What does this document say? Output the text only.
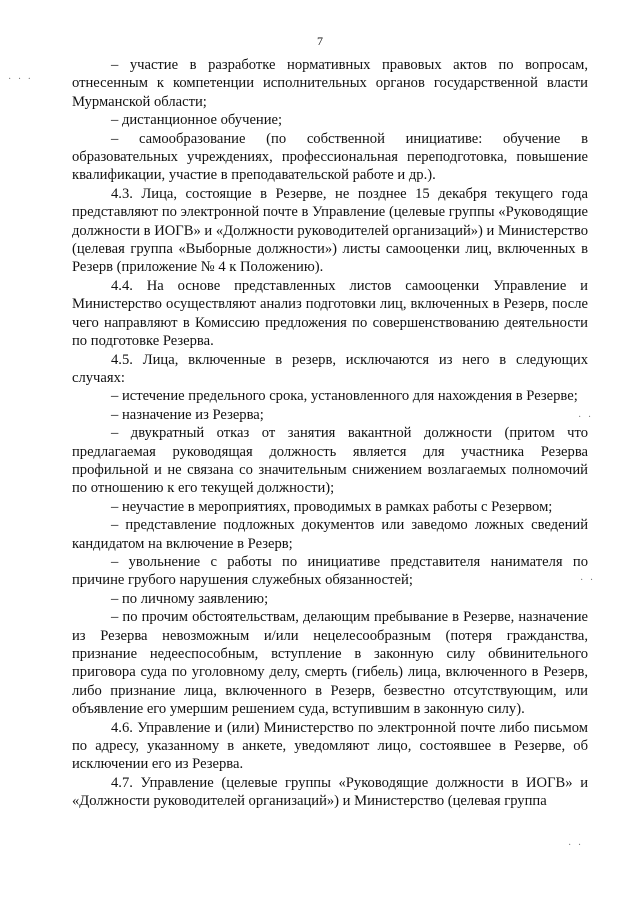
7
· · ·
· ·
· ·
· ·

– участие в разработке нормативных правовых актов по вопросам, отнесенным к компетенции исполнительных органов государственной власти Мурманской области;

– дистанционное обучение;

– самообразование (по собственной инициативе: обучение в образовательных учреждениях, профессиональная переподготовка, повышение квалификации, участие в преподавательской работе и др.).

4.3. Лица, состоящие в Резерве, не позднее 15 декабря текущего года представляют по электронной почте в Управление (целевые группы «Руководящие должности в ИОГВ» и «Должности руководителей организаций») и Министерство (целевая группа «Выборные должности») листы самооценки лиц, включенных в Резерв (приложение № 4 к Положению).

4.4. На основе представленных листов самооценки Управление и Министерство осуществляют анализ подготовки лиц, включенных в Резерв, после чего направляют в Комиссию предложения по совершенствованию деятельности по подготовке Резерва.

4.5. Лица, включенные в резерв, исключаются из него в следующих случаях:

– истечение предельного срока, установленного для нахождения в Резерве;

– назначение из Резерва;

– двукратный отказ от занятия вакантной должности (притом что предлагаемая руководящая должность является для участника Резерва профильной и не связана со значительным снижением возлагаемых полномочий по отношению к его текущей должности);

– неучастие в мероприятиях, проводимых в рамках работы с Резервом;

– представление подложных документов или заведомо ложных сведений кандидатом на включение в Резерв;

– увольнение с работы по инициативе представителя нанимателя по причине грубого нарушения служебных обязанностей;

– по личному заявлению;

– по прочим обстоятельствам, делающим пребывание в Резерве, назначение из Резерва невозможным и/или нецелесообразным (потеря гражданства, признание недееспособным, вступление в законную силу обвинительного приговора суда по уголовному делу, смерть (гибель) лица, включенного в Резерв, либо признание лица, включенного в Резерв, безвестно отсутствующим, или объявление его умершим решением суда, вступившим в законную силу).

4.6. Управление и (или) Министерство по электронной почте либо письмом по адресу, указанному в анкете, уведомляют лицо, состоявшее в Резерве, об исключении его из Резерва.

4.7. Управление (целевые группы «Руководящие должности в ИОГВ» и «Должности руководителей организаций») и Министерство (целевая группа
